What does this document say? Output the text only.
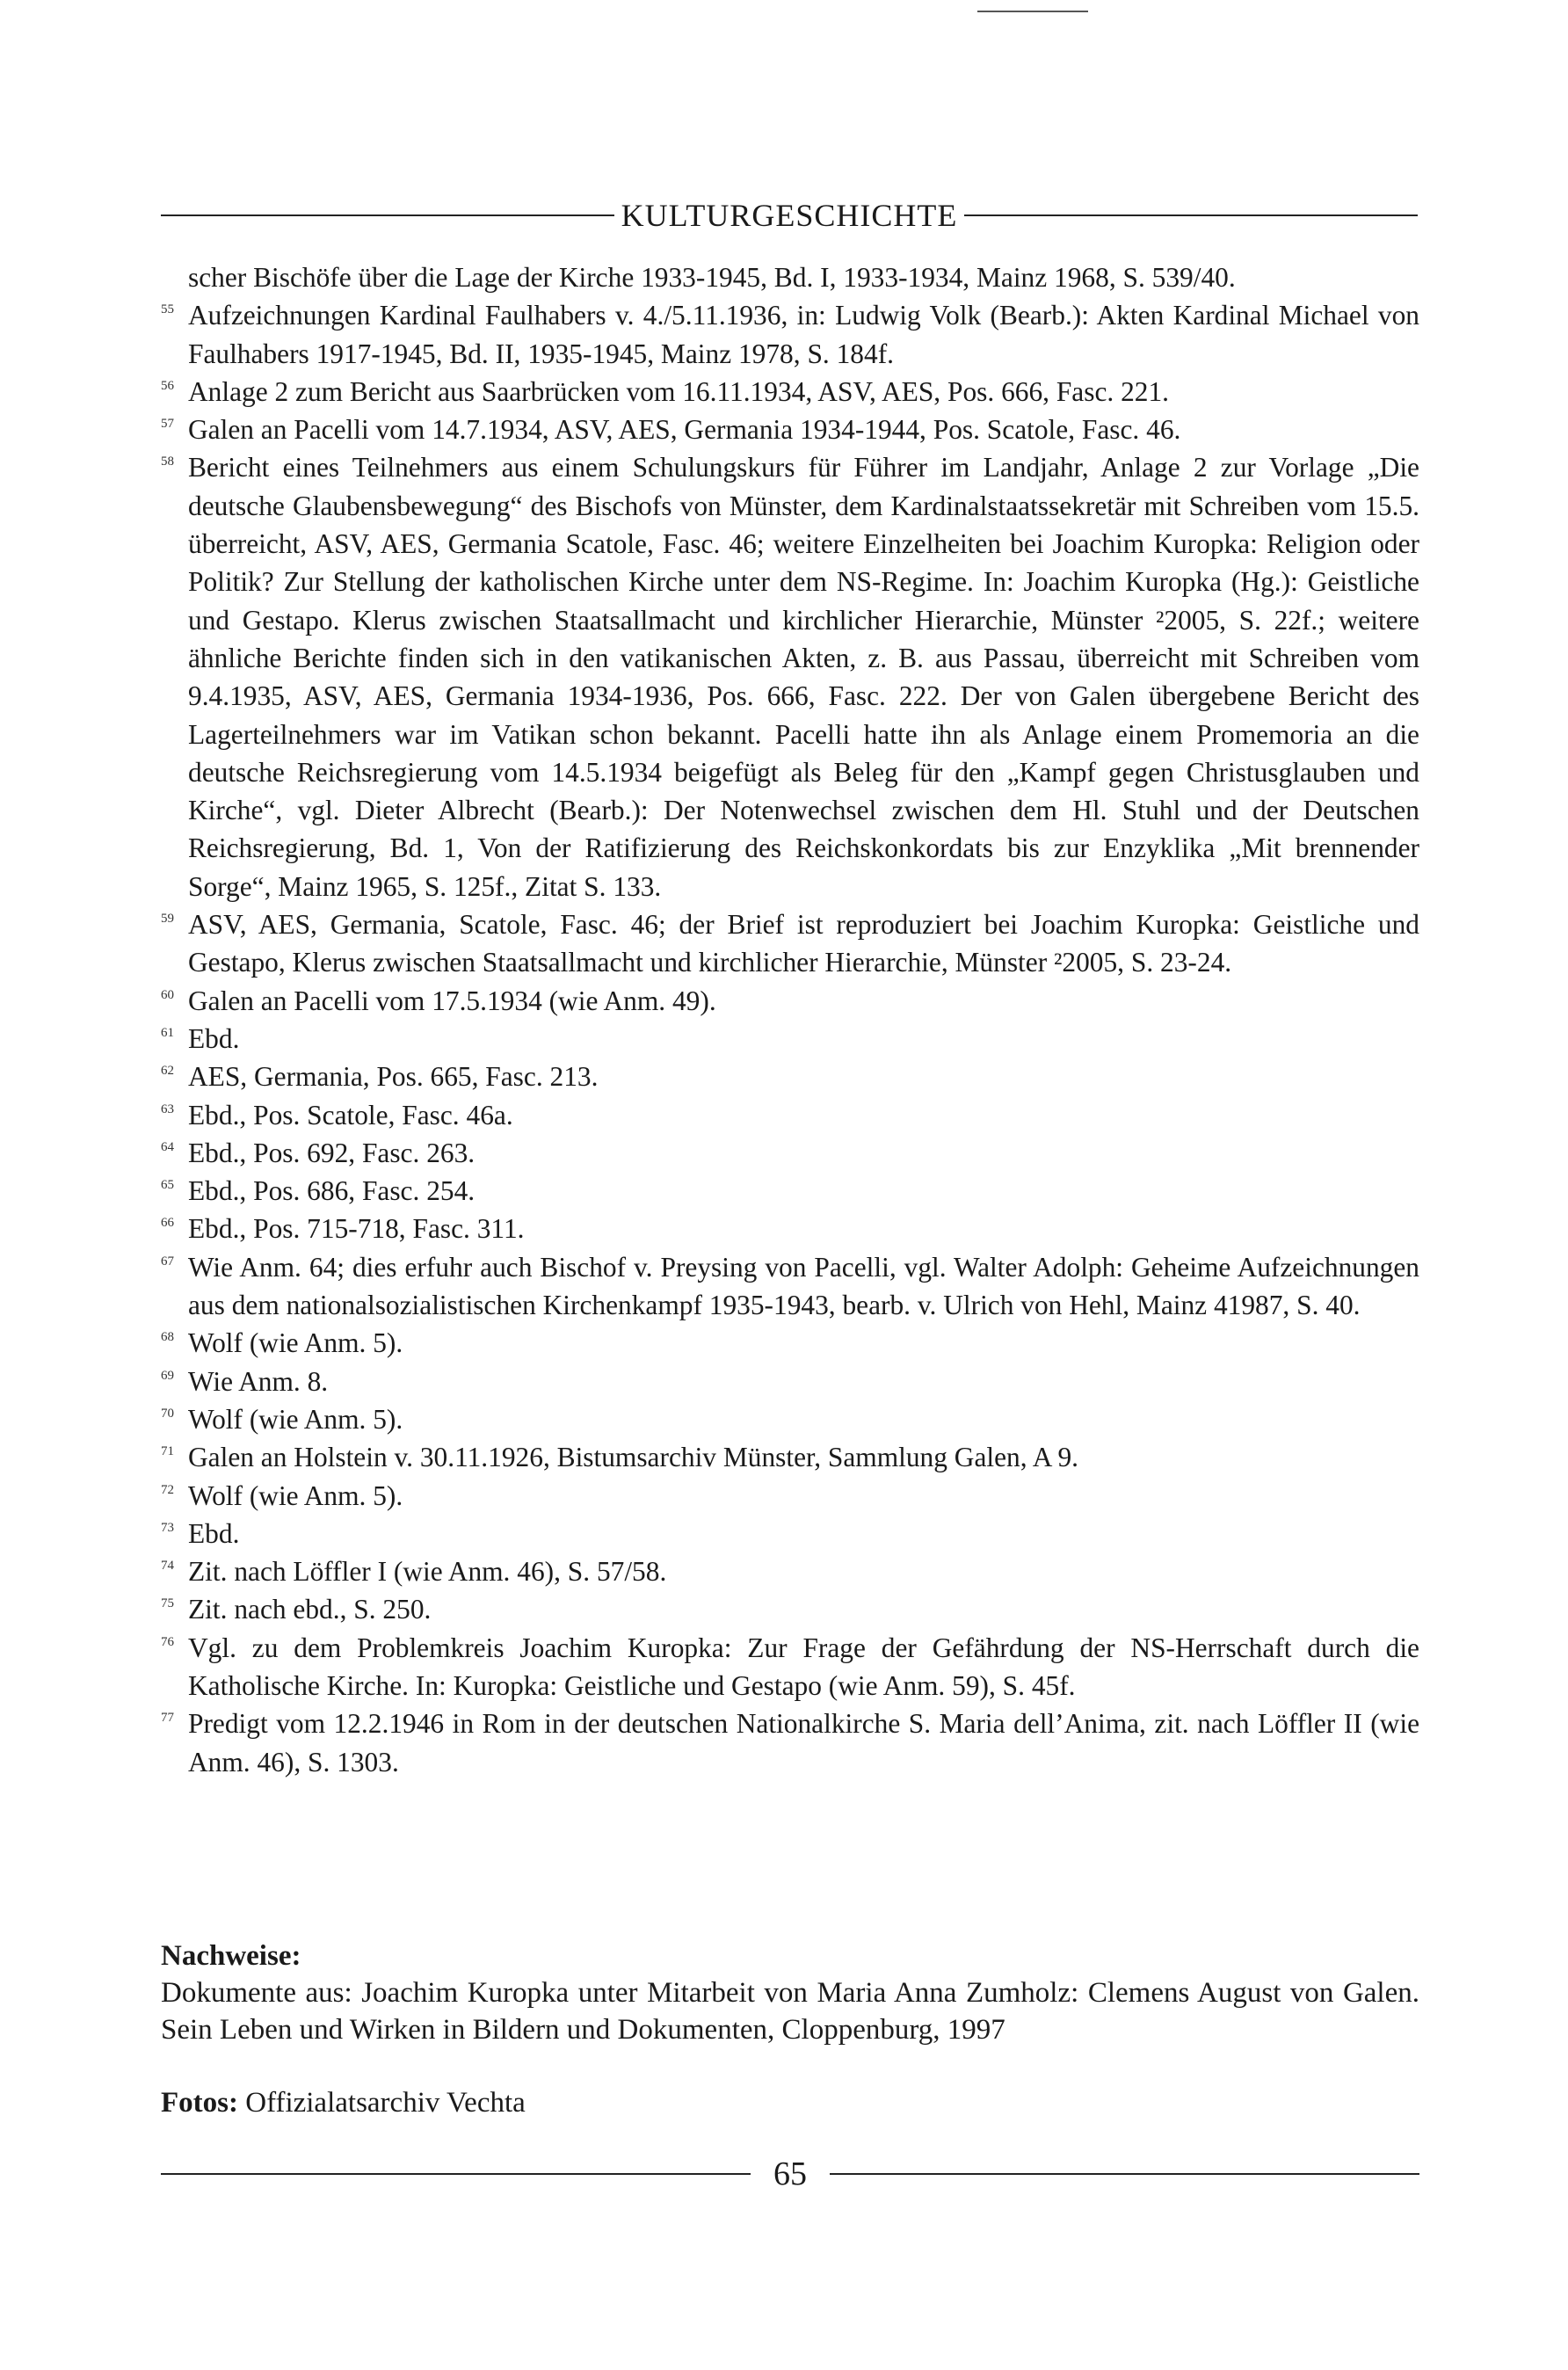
KULTURGESCHICHTE
scher Bischöfe über die Lage der Kirche 1933-1945, Bd. I, 1933-1934, Mainz 1968, S. 539/40.
55 Aufzeichnungen Kardinal Faulhabers v. 4./5.11.1936, in: Ludwig Volk (Bearb.): Akten Kardinal Michael von Faulhabers 1917-1945, Bd. II, 1935-1945, Mainz 1978, S. 184f.
56 Anlage 2 zum Bericht aus Saarbrücken vom 16.11.1934, ASV, AES, Pos. 666, Fasc. 221.
57 Galen an Pacelli vom 14.7.1934, ASV, AES, Germania 1934-1944, Pos. Scatole, Fasc. 46.
58 Bericht eines Teilnehmers aus einem Schulungskurs für Führer im Landjahr, Anlage 2 zur Vorlage „Die deutsche Glaubensbewegung“ des Bischofs von Münster, dem Kardinalstaatssekretär mit Schreiben vom 15.5. überreicht, ASV, AES, Germania Scatole, Fasc. 46; weitere Einzelheiten bei Joachim Kuropka: Religion oder Politik? Zur Stellung der katholischen Kirche unter dem NS-Regime. In: Joachim Kuropka (Hg.): Geistliche und Gestapo. Klerus zwischen Staatsallmacht und kirchlicher Hierarchie, Münster ²2005, S. 22f.; weitere ähnliche Berichte finden sich in den vatikanischen Akten, z. B. aus Passau, überreicht mit Schreiben vom 9.4.1935, ASV, AES, Germania 1934-1936, Pos. 666, Fasc. 222. Der von Galen übergebene Bericht des Lagerteilnehmers war im Vatikan schon bekannt. Pacelli hatte ihn als Anlage einem Promemoria an die deutsche Reichsregierung vom 14.5.1934 beigefügt als Beleg für den „Kampf gegen Christusglauben und Kirche“, vgl. Dieter Albrecht (Bearb.): Der Notenwechsel zwischen dem Hl. Stuhl und der Deutschen Reichsregierung, Bd. 1, Von der Ratifizierung des Reichskonkordats bis zur Enzyklika „Mit brennender Sorge“, Mainz 1965, S. 125f., Zitat S. 133.
59 ASV, AES, Germania, Scatole, Fasc. 46; der Brief ist reproduziert bei Joachim Kuropka: Geistliche und Gestapo, Klerus zwischen Staatsallmacht und kirchlicher Hierarchie, Münster ²2005, S. 23-24.
60 Galen an Pacelli vom 17.5.1934 (wie Anm. 49).
61 Ebd.
62 AES, Germania, Pos. 665, Fasc. 213.
63 Ebd., Pos. Scatole, Fasc. 46a.
64 Ebd., Pos. 692, Fasc. 263.
65 Ebd., Pos. 686, Fasc. 254.
66 Ebd., Pos. 715-718, Fasc. 311.
67 Wie Anm. 64; dies erfuhr auch Bischof v. Preysing von Pacelli, vgl. Walter Adolph: Geheime Aufzeichnungen aus dem nationalsozialistischen Kirchenkampf 1935-1943, bearb. v. Ulrich von Hehl, Mainz 41987, S. 40.
68 Wolf (wie Anm. 5).
69 Wie Anm. 8.
70 Wolf (wie Anm. 5).
71 Galen an Holstein v. 30.11.1926, Bistumsarchiv Münster, Sammlung Galen, A 9.
72 Wolf (wie Anm. 5).
73 Ebd.
74 Zit. nach Löffler I (wie Anm. 46), S. 57/58.
75 Zit. nach ebd., S. 250.
76 Vgl. zu dem Problemkreis Joachim Kuropka: Zur Frage der Gefährdung der NS-Herrschaft durch die Katholische Kirche. In: Kuropka: Geistliche und Gestapo (wie Anm. 59), S. 45f.
77 Predigt vom 12.2.1946 in Rom in der deutschen Nationalkirche S. Maria dell’Anima, zit. nach Löffler II (wie Anm. 46), S. 1303.
Nachweise:
Dokumente aus: Joachim Kuropka unter Mitarbeit von Maria Anna Zumholz: Clemens August von Galen. Sein Leben und Wirken in Bildern und Dokumenten, Cloppenburg, 1997
Fotos: Offizialatsarchiv Vechta
65
